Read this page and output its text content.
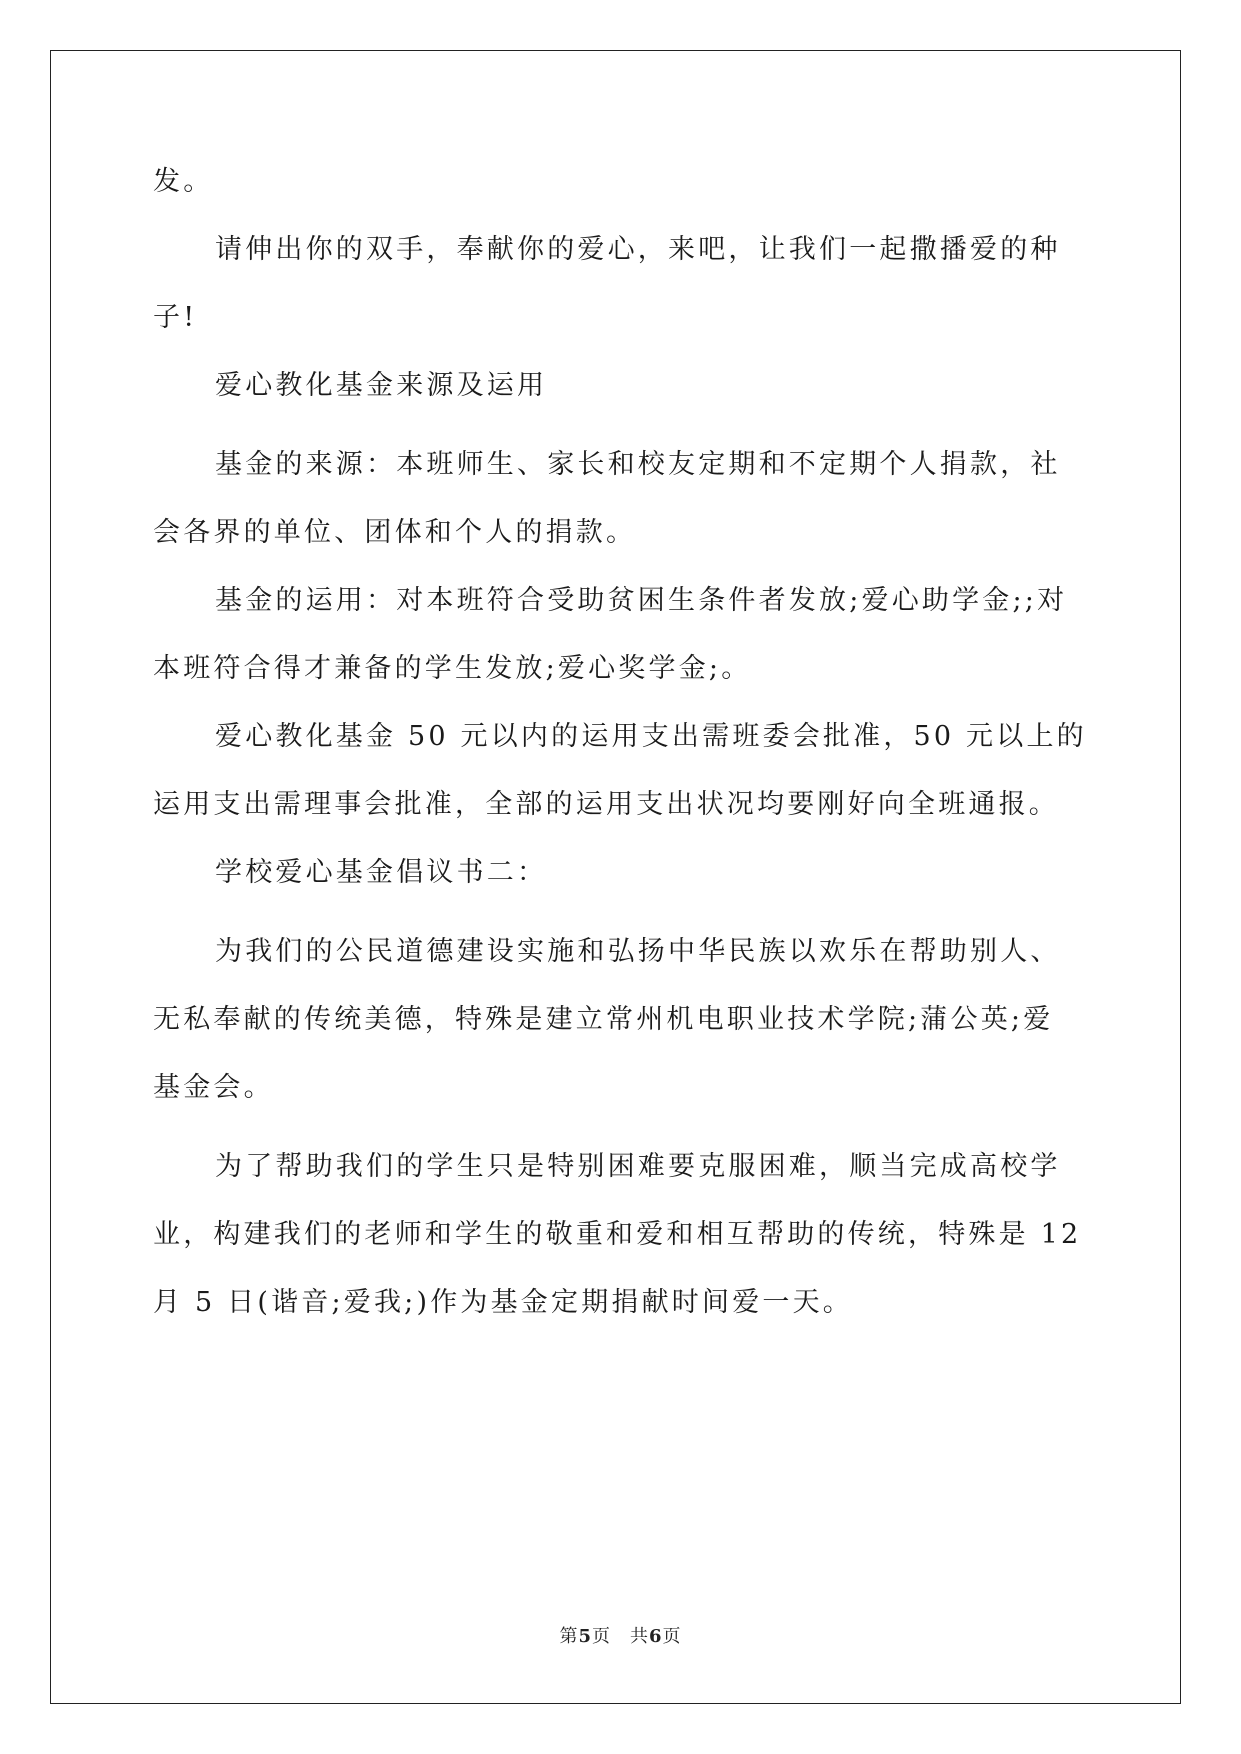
发。
请伸出你的双手，奉献你的爱心，来吧，让我们一起撒播爱的种
子!
爱心教化基金来源及运用
基金的来源：本班师生、家长和校友定期和不定期个人捐款，社
会各界的单位、团体和个人的捐款。
基金的运用：对本班符合受助贫困生条件者发放;爱心助学金;;对
本班符合得才兼备的学生发放;爱心奖学金;。
爱心教化基金 50 元以内的运用支出需班委会批准，50 元以上的
运用支出需理事会批准，全部的运用支出状况均要刚好向全班通报。
学校爱心基金倡议书二：
为我们的公民道德建设实施和弘扬中华民族以欢乐在帮助别人、
无私奉献的传统美德，特殊是建立常州机电职业技术学院;蒲公英;爱
基金会。
为了帮助我们的学生只是特别困难要克服困难，顺当完成高校学
业，构建我们的老师和学生的敬重和爱和相互帮助的传统，特殊是 12
月 5 日(谐音;爱我;)作为基金定期捐献时间爱一天。
第5页　共6页
